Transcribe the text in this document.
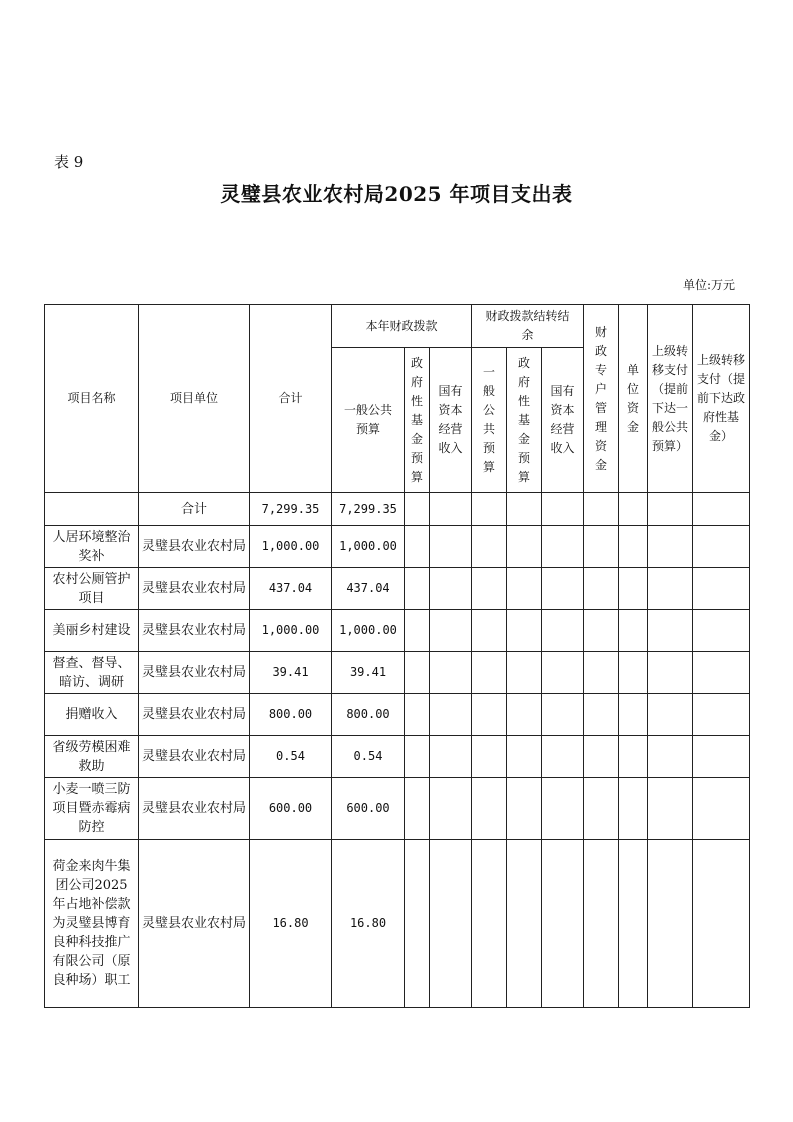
表 9
灵璧县农业农村局2025 年项目支出表
单位:万元
项目名称	项目单位	合计	本年财政拨款			财政拨款结转结余			财政专户管理资金	单位资金	上级转移支付（提前下达一般公共预算）	上级转移支付（提前下达政府性基金）
			一般公共预算	政府性基金预算	国有资本经营收入	一般公共预算	政府性基金预算	国有资本经营收入				
	合计	7,299.35	7,299.35									
人居环境整治奖补	灵璧县农业农村局	1,000.00	1,000.00									
农村公厕管护项目	灵璧县农业农村局	437.04	437.04									
美丽乡村建设	灵璧县农业农村局	1,000.00	1,000.00									
督查、督导、暗访、调研	灵璧县农业农村局	39.41	39.41									
捐赠收入	灵璧县农业农村局	800.00	800.00									
省级劳模困难救助	灵璧县农业农村局	0.54	0.54									
小麦一喷三防项目暨赤霉病防控	灵璧县农业农村局	600.00	600.00									
荷金来肉牛集团公司2025 年占地补偿款为灵璧县博育良种科技推广有限公司（原良种场）职工	灵璧县农业农村局	16.80	16.80									
